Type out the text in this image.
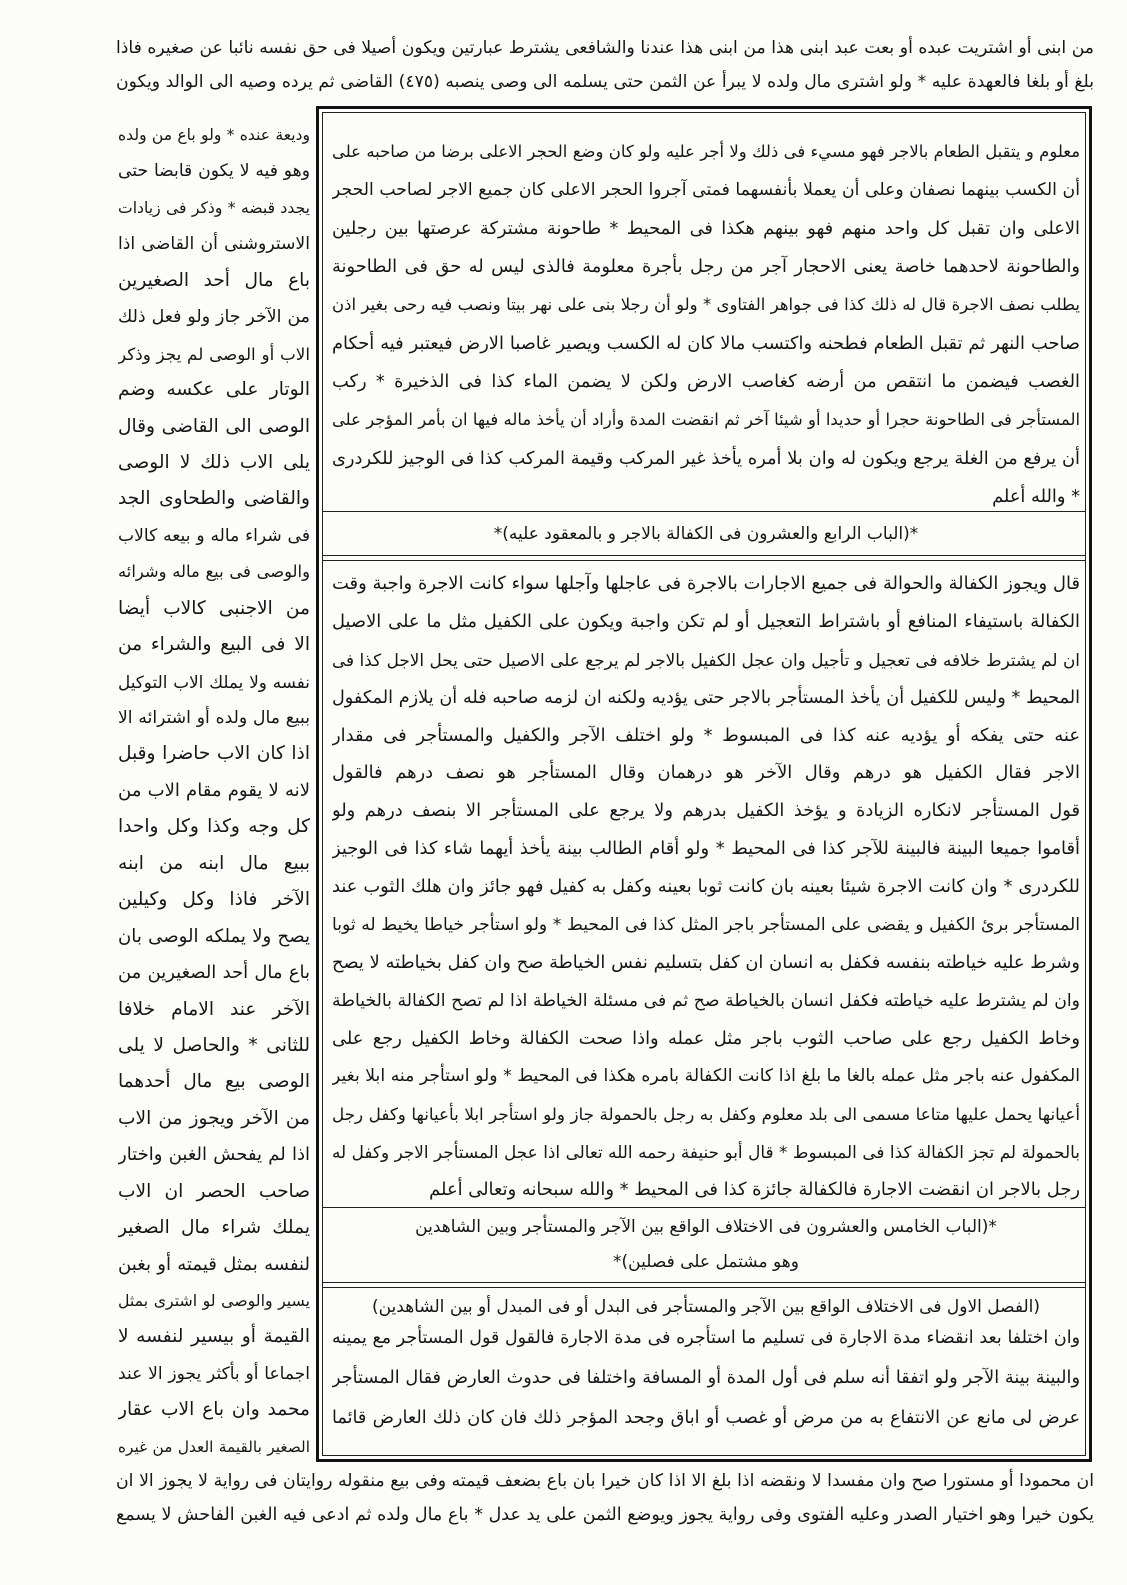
من ابنى أو اشتريت عبده أو بعت عبد ابنى هذا من ابنى هذا عندنا والشافعى يشترط عبارتين ويكون أصيلا فى حق نفسه نائبا عن صغيره فاذا
بلغ أو بلغا فالعهدة عليه * ولو اشترى مال ولده لا يبرأ عن الثمن حتى يسلمه الى وصى ينصبه (٤٧٥) القاضى ثم يرده وصيه الى الوالد ويكون
معلوم و يتقبل الطعام بالاجر فهو مسيء فى ذلك ولا أجر عليه ولو كان وضع الحجر الاعلى برضا من صاحبه على
أن الكسب بينهما نصفان وعلى أن يعملا بأنفسهما فمتى آجروا الحجر الاعلى كان جميع الاجر لصاحب الحجر
الاعلى وان تقبل كل واحد منهم فهو بينهم هكذا فى المحيط * طاحونة مشتركة عرصتها بين رجلين
والطاحونة لاحدهما خاصة يعنى الاحجار آجر من رجل بأجرة معلومة فالذى ليس له حق فى الطاحونة
يطلب نصف الاجرة قال له ذلك كذا فى جواهر الفتاوى * ولو أن رجلا بنى على نهر بيتا ونصب فيه رحى بغير اذن
صاحب النهر ثم تقبل الطعام فطحنه واكتسب مالا كان له الكسب ويصير غاصبا الارض فيعتبر فيه أحكام
الغصب فيضمن ما انتقص من أرضه كغاصب الارض ولكن لا يضمن الماء كذا فى الذخيرة * ركب
المستأجر فى الطاحونة حجرا أو حديدا أو شيئا آخر ثم انقضت المدة وأراد أن يأخذ ماله فيها ان بأمر المؤجر على
أن يرفع من الغلة يرجع ويكون له وان بلا أمره يأخذ غير المركب وقيمة المركب كذا فى الوجيز للكردرى
* والله أعلم
*(الباب الرابع والعشرون فى الكفالة بالاجر و بالمعقود عليه)*
قال ويجوز الكفالة والحوالة فى جميع الاجارات بالاجرة فى عاجلها وآجلها سواء كانت الاجرة واجبة وقت
الكفالة باستيفاء المنافع أو باشتراط التعجيل أو لم تكن واجبة ويكون على الكفيل مثل ما على الاصيل
ان لم يشترط خلافه فى تعجيل و تأجيل وان عجل الكفيل بالاجر لم يرجع على الاصيل حتى يحل الاجل كذا فى
المحيط * وليس للكفيل أن يأخذ المستأجر بالاجر حتى يؤديه ولكنه ان لزمه صاحبه فله أن يلازم المكفول
عنه حتى يفكه أو يؤديه عنه كذا فى المبسوط * ولو اختلف الآجر والكفيل والمستأجر فى مقدار
الاجر فقال الكفيل هو درهم وقال الآخر هو درهمان وقال المستأجر هو نصف درهم فالقول
قول المستأجر لانكاره الزيادة و يؤخذ الكفيل بدرهم ولا يرجع على المستأجر الا بنصف درهم ولو
أقاموا جميعا البينة فالبينة للآجر كذا فى المحيط * ولو أقام الطالب بينة يأخذ أيهما شاء كذا فى الوجيز
للكردرى * وان كانت الاجرة شيئا بعينه بان كانت ثوبا بعينه وكفل به كفيل فهو جائز وان هلك الثوب عند
المستأجر برئ الكفيل و يقضى على المستأجر باجر المثل كذا فى المحيط * ولو استأجر خياطا يخيط له ثوبا
وشرط عليه خياطته بنفسه فكفل به انسان ان كفل بتسليم نفس الخياطة صح وان كفل بخياطته لا يصح
وان لم يشترط عليه خياطته فكفل انسان بالخياطة صح ثم فى مسئلة الخياطة اذا لم تصح الكفالة بالخياطة
وخاط الكفيل رجع على صاحب الثوب باجر مثل عمله واذا صحت الكفالة وخاط الكفيل رجع على
المكفول عنه باجر مثل عمله بالغا ما بلغ اذا كانت الكفالة بامره هكذا فى المحيط * ولو استأجر منه ابلا بغير
أعيانها يحمل عليها متاعا مسمى الى بلد معلوم وكفل به رجل بالحمولة جاز ولو استأجر ابلا بأعيانها وكفل رجل
بالحمولة لم تجز الكفالة كذا فى المبسوط * قال أبو حنيفة رحمه الله تعالى اذا عجل المستأجر الاجر وكفل له
رجل بالاجر ان انقضت الاجارة فالكفالة جائزة كذا فى المحيط * والله سبحانه وتعالى أعلم
*(الباب الخامس والعشرون فى الاختلاف الواقع بين الآجر والمستأجر وبين الشاهدين
وهو مشتمل على فصلين)*
(الفصل الاول فى الاختلاف الواقع بين الآجر والمستأجر فى البدل أو فى المبدل أو بين الشاهدين)
وان اختلفا بعد انقضاء مدة الاجارة فى تسليم ما استأجره فى مدة الاجارة فالقول قول المستأجر مع يمينه
والبينة بينة الآجر ولو اتفقا أنه سلم فى أول المدة أو المسافة واختلفا فى حدوث العارض فقال المستأجر
عرض لى مانع عن الانتفاع به من مرض أو غصب أو اباق وجحد المؤجر ذلك فان كان ذلك العارض قائما
وديعة عنده * ولو باع من ولده
وهو فيه لا يكون قابضا حتى
يجدد قبضه * وذكر فى زيادات
الاستروشنى أن القاضى اذا
باع مال أحد الصغيرين
من الآخر جاز ولو فعل ذلك
الاب أو الوصى لم يجز وذكر
الوتار على عكسه وضم
الوصى الى القاضى وقال
يلى الاب ذلك لا الوصى
والقاضى والطحاوى الجد
فى شراء ماله و بيعه كالاب
والوصى فى بيع ماله وشرائه
من الاجنبى كالاب أيضا
الا فى البيع والشراء من
نفسه ولا يملك الاب التوكيل
ببيع مال ولده أو اشترائه الا
اذا كان الاب حاضرا وقبل
لانه لا يقوم مقام الاب من
كل وجه وكذا وكل واحدا
ببيع مال ابنه من ابنه
الآخر فاذا وكل وكيلين
يصح ولا يملكه الوصى بان
باع مال أحد الصغيرين من
الآخر عند الامام خلافا
للثانى * والحاصل لا يلى
الوصى بيع مال أحدهما
من الآخر ويجوز من الاب
اذا لم يفحش الغبن واختار
صاحب الحصر ان الاب
يملك شراء مال الصغير
لنفسه بمثل قيمته أو بغبن
يسير والوصى لو اشترى بمثل
القيمة أو بيسير لنفسه لا
اجماعا أو بأكثر يجوز الا عند
محمد وان باع الاب عقار
الصغير بالقيمة العدل من غيره
ان محمودا أو مستورا صح وان مفسدا لا ونقضه اذا بلغ الا اذا كان خيرا بان باع بضعف قيمته وفى بيع منقوله روايتان فى رواية لا يجوز الا ان
يكون خيرا وهو اختيار الصدر وعليه الفتوى وفى رواية يجوز ويوضع الثمن على يد عدل * باع مال ولده ثم ادعى فيه الغبن الفاحش لا يسمع
